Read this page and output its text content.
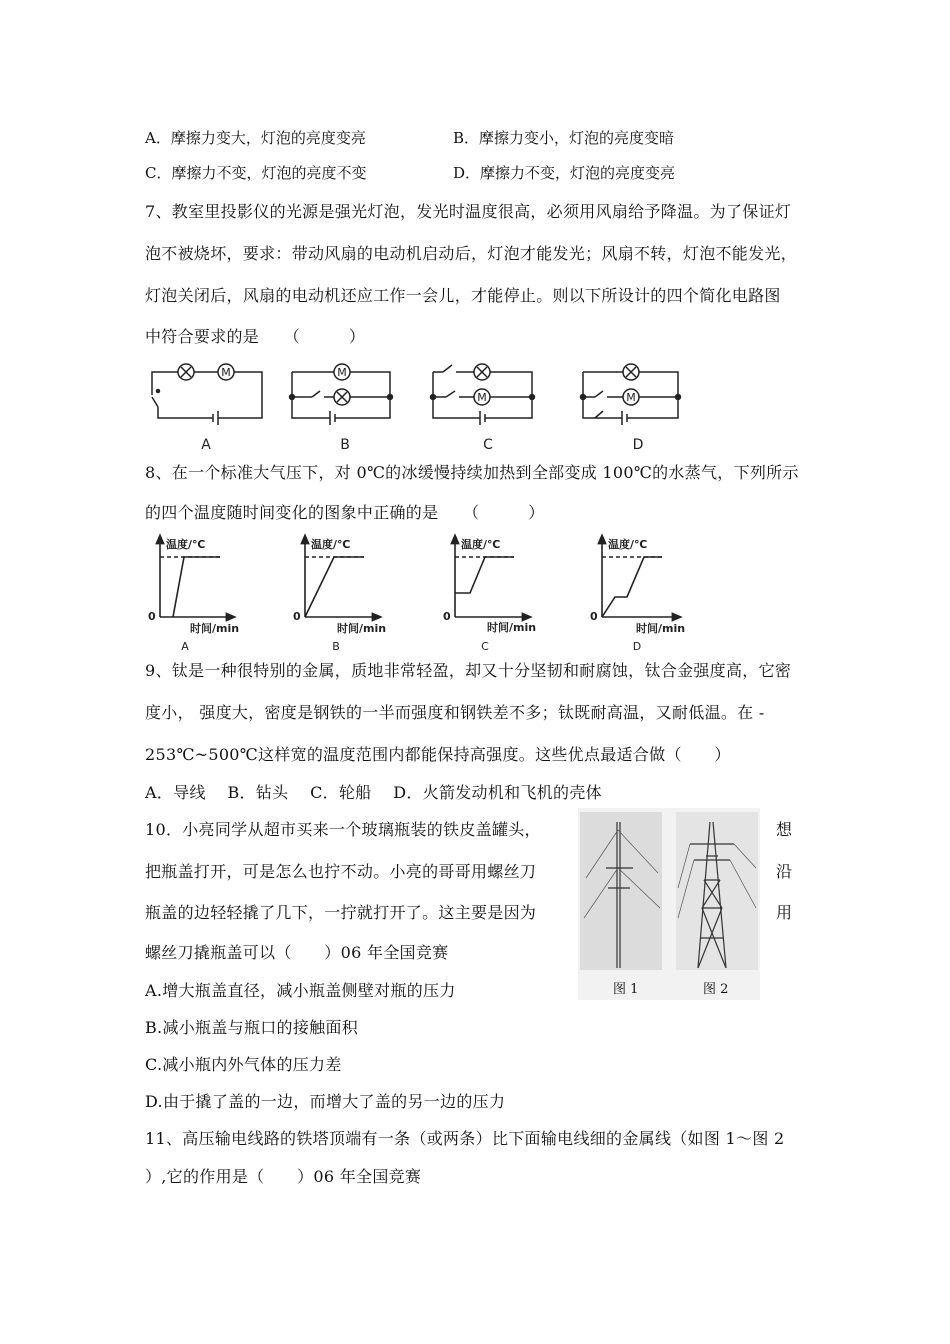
A．摩擦力变大，灯泡的亮度变亮	B．摩擦力变小，灯泡的亮度变暗
C．摩擦力不变，灯泡的亮度不变	D．摩擦力不变，灯泡的亮度变亮
7、教室里投影仪的光源是强光灯泡，发光时温度很高，必须用风扇给予降温。为了保证灯
泡不被烧坏，要求：带动风扇的电动机启动后，灯泡才能发光；风扇不转，灯泡不能发光，
灯泡关闭后，风扇的电动机还应工作一会儿，才能停止。则以下所设计的四个简化电路图
中符合要求的是　　（　　　）
M	M
M	M
A	B	C	D
8、在一个标准大气压下，对 0℃的冰缓慢持续加热到全部变成 100℃的水蒸气，下列所示
的四个温度随时间变化的图象中正确的是　　（　　　）
温度/℃	温度/℃	温度/℃	温度/℃
时间/min	时间/min	时间/min	时间/min
0	0	0	0
A	B	C	D
9、钛是一种很特别的金属，质地非常轻盈，却又十分坚韧和耐腐蚀，钛合金强度高，它密
度小， 强度大，密度是钢铁的一半而强度和钢铁差不多；钛既耐高温，又耐低温。在 -
253℃~500℃这样宽的温度范围内都能保持高强度。这些优点最适合做（　　）
A．导线　 B．钻头　 C．轮船　 D．火箭发动机和飞机的壳体
10．小亮同学从超市买来一个玻璃瓶装的铁皮盖罐头，
把瓶盖打开，可是怎么也拧不动。小亮的哥哥用螺丝刀
瓶盖的边轻轻撬了几下，一拧就打开了。这主要是因为
螺丝刀撬瓶盖可以（　　）06 年全国竞赛
想
沿
用
图 1	图 2
A.增大瓶盖直径，减小瓶盖侧壁对瓶的压力
B.减小瓶盖与瓶口的接触面积
C.减小瓶内外气体的压力差
D.由于撬了盖的一边，而增大了盖的另一边的压力
11、高压输电线路的铁塔顶端有一条（或两条）比下面输电线细的金属线（如图 1～图 2
）,它的作用是（　　）06 年全国竞赛
